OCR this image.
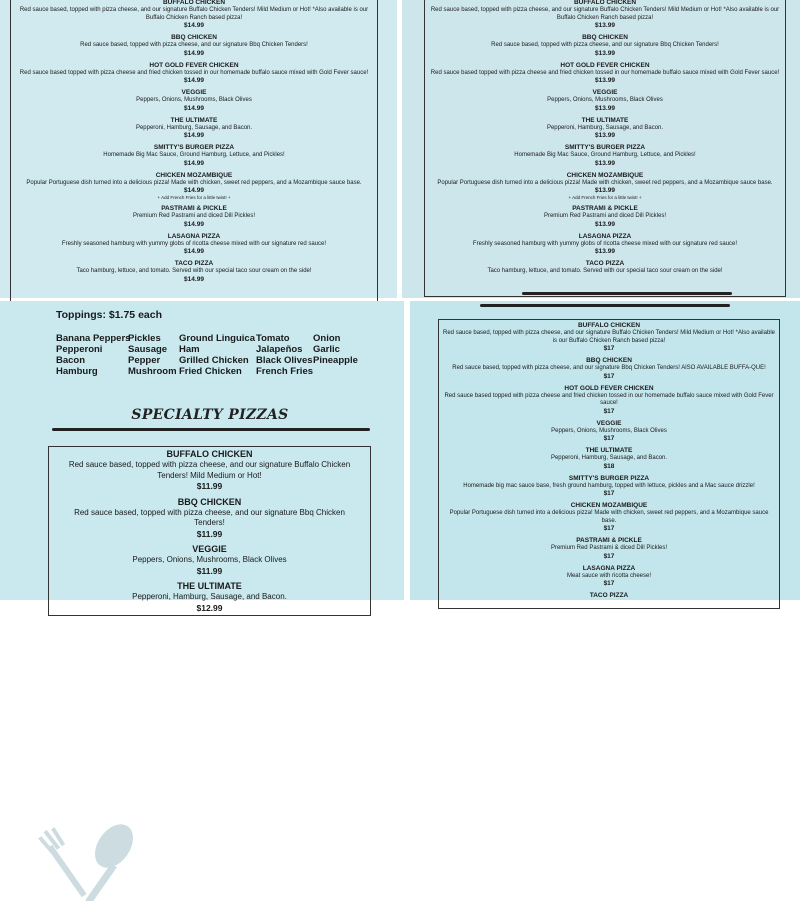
BUFFALO CHICKEN
Red sauce based, topped with pizza cheese, and our signature Buffalo Chicken Tenders! Mild Medium or Hot! *Also available is our Buffalo Chicken Ranch based pizza!
$14.99
BBQ CHICKEN
Red sauce based, topped with pizza cheese, and our signature Bbq Chicken Tenders!
$14.99
HOT GOLD FEVER CHICKEN
Red sauce based topped with pizza cheese and fried chicken tossed in our homemade buffalo sauce mixed with Gold Fever sauce!
$14.99
VEGGIE
Peppers, Onions, Mushrooms, Black Olives
$14.99
THE ULTIMATE
Pepperoni, Hamburg, Sausage, and Bacon.
$14.99
SMITTY'S BURGER PIZZA
Homemade Big Mac Sauce, Ground Hamburg, Lettuce, and Pickles!
$14.99
CHICKEN MOZAMBIQUE
Popular Portuguese dish turned into a delicious pizza! Made with chicken, sweet red peppers, and a Mozambique sauce base.
$14.99
+ Add French Fries for a little twist! +
PASTRAMI & PICKLE
Premium Red Pastrami and diced Dill Pickles!
$14.99
LASAGNA PIZZA
Freshly seasoned hamburg with yummy globs of ricotta cheese mixed with our signature red sauce!
$14.99
TACO PIZZA
Taco hamburg, lettuce, and tomato. Served with our special taco sour cream on the side!
$14.99
BUFFALO CHICKEN
Red sauce based, topped with pizza cheese, and our signature Buffalo Chicken Tenders! Mild Medium or Hot! *Also available is our Buffalo Chicken Ranch based pizza!
$13.99
BBQ CHICKEN
Red sauce based, topped with pizza cheese, and our signature Bbq Chicken Tenders!
$13.99
HOT GOLD FEVER CHICKEN
Red sauce based topped with pizza cheese and fried chicken tossed in our homemade buffalo sauce mixed with Gold Fever sauce!
$13.99
VEGGIE
Peppers, Onions, Mushrooms, Black Olives
$13.99
THE ULTIMATE
Pepperoni, Hamburg, Sausage, and Bacon.
$13.99
SMITTY'S BURGER PIZZA
Homemade Big Mac Sauce, Ground Hamburg, Lettuce, and Pickles!
$13.99
CHICKEN MOZAMBIQUE
Popular Portuguese dish turned into a delicious pizza! Made with chicken, sweet red peppers, and a Mozambique sauce base.
$13.99
+ Add French Fries for a little twist! +
PASTRAMI & PICKLE
Premium Red Pastrami and diced Dill Pickles!
$13.99
LASAGNA PIZZA
Freshly seasoned hamburg with yummy globs of ricotta cheese mixed with our signature red sauce!
$13.99
TACO PIZZA
Taco hamburg, lettuce, and tomato. Served with our special taco sour cream on the side!
Toppings: $1.75 each
Banana Peppers
Pepperoni
Bacon
Hamburg
Pickles
Sausage
Pepper
Mushroom
Ground Linguica
Ham
Grilled Chicken
Fried Chicken
Tomato
Jalapeños
Black Olives
French Fries
Onion
Garlic
Pineapple
SPECIALTY PIZZAS
BUFFALO CHICKEN
Red sauce based, topped with pizza cheese, and our signature Buffalo Chicken Tenders! Mild Medium or Hot!
$11.99
BBQ CHICKEN
Red sauce based, topped with pizza cheese, and our signature Bbq Chicken Tenders!
$11.99
VEGGIE
Peppers, Onions, Mushrooms, Black Olives
$11.99
THE ULTIMATE
Pepperoni, Hamburg, Sausage, and Bacon.
$12.99
BUFFALO CHICKEN
Red sauce based, topped with pizza cheese, and our signature Buffalo Chicken Tenders! Mild Medium or Hot! *Also available is our Buffalo Chicken Ranch based pizza!
$17
BBQ CHICKEN
Red sauce based, topped with pizza cheese, and our signature Bbq Chicken Tenders! AlSO AVAILABLE BUFFA-QUE!
$17
HOT GOLD FEVER CHICKEN
Red sauce based topped with pizza cheese and fried chicken tossed in our homemade buffalo sauce mixed with Gold Fever sauce!
$17
VEGGIE
Peppers, Onions, Mushrooms, Black Olives
$17
THE ULTIMATE
Pepperoni, Hamburg, Sausage, and Bacon.
$18
SMITTY'S BURGER PIZZA
Homemade big mac sauce base, fresh ground hamburg, topped with lettuce, pickles and a Mac sauce drizzle!
$17
CHICKEN MOZAMBIQUE
Popular Portuguese dish turned into a delicious pizza! Made with chicken, sweet red peppers, and a Mozambique sauce base.
$17
PASTRAMI & PICKLE
Premium Red Pastrami & diced Dill Pickles!
$17
LASAGNA PIZZA
Meat sauce with ricotta cheese!
$17
TACO PIZZA
